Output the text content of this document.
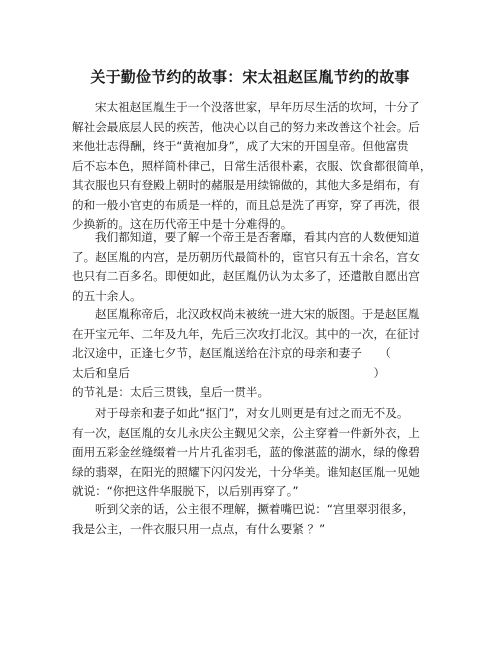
关于勤俭节约的故事：宋太祖赵匡胤节约的故事
宋太祖赵匡胤生于一个没落世家，早年历尽生活的坎坷，十分了
解社会最底层人民的疾苦，他决心以自己的努力来改善这个社会。后
来他壮志得酬，终于“黄袍加身”，成了大宋的开国皇帝。但他富贵
后不忘本色，照样简朴律己，日常生活很朴素，衣服、饮食都很简单，
其衣服也只有登殿上朝时的赭服是用续锦做的，其他大多是绢布，有
的和一般小官吏的布质是一样的，而且总是洗了再穿，穿了再洗，很
少换新的。这在历代帝王中是十分难得的。
我们都知道，要了解一个帝王是否奢靡，看其内宫的人数便知道
了。赵匡胤的内宫，是历朝历代最简朴的，宦官只有五十余名，宫女
也只有二百多名。即便如此，赵匡胤仍认为太多了，还遣散自愿出宫
的五十余人。
赵匡胤称帝后，北汉政权尚未被统一进大宋的版图。于是赵匡胤
在开宝元年、二年及九年，先后三次攻打北汉。其中的一次，在征讨
北汉途中，正逢七夕节，赵匡胤送给在汴京的母亲和妻子　　（
太后和皇后　　　　　　　　　　　　　　　　　　　　　）
的节礼是：太后三贯钱，皇后一贯半。
对于母亲和妻子如此“抠门”，对女儿则更是有过之而无不及。
有一次，赵匡胤的女儿永庆公主觐见父亲，公主穿着一件新外衣，上
面用五彩金丝缝缀着一片片孔雀羽毛，蓝的像湛蓝的湖水，绿的像碧
绿的翡翠，在阳光的照耀下闪闪发光，十分华美。谁知赵匡胤一见她
就说：“你把这件华服脱下，以后别再穿了。”
听到父亲的话，公主很不理解，撅着嘴巴说：“宫里翠羽很多，
我是公主，一件衣服只用一点点，有什么要紧 ？”
